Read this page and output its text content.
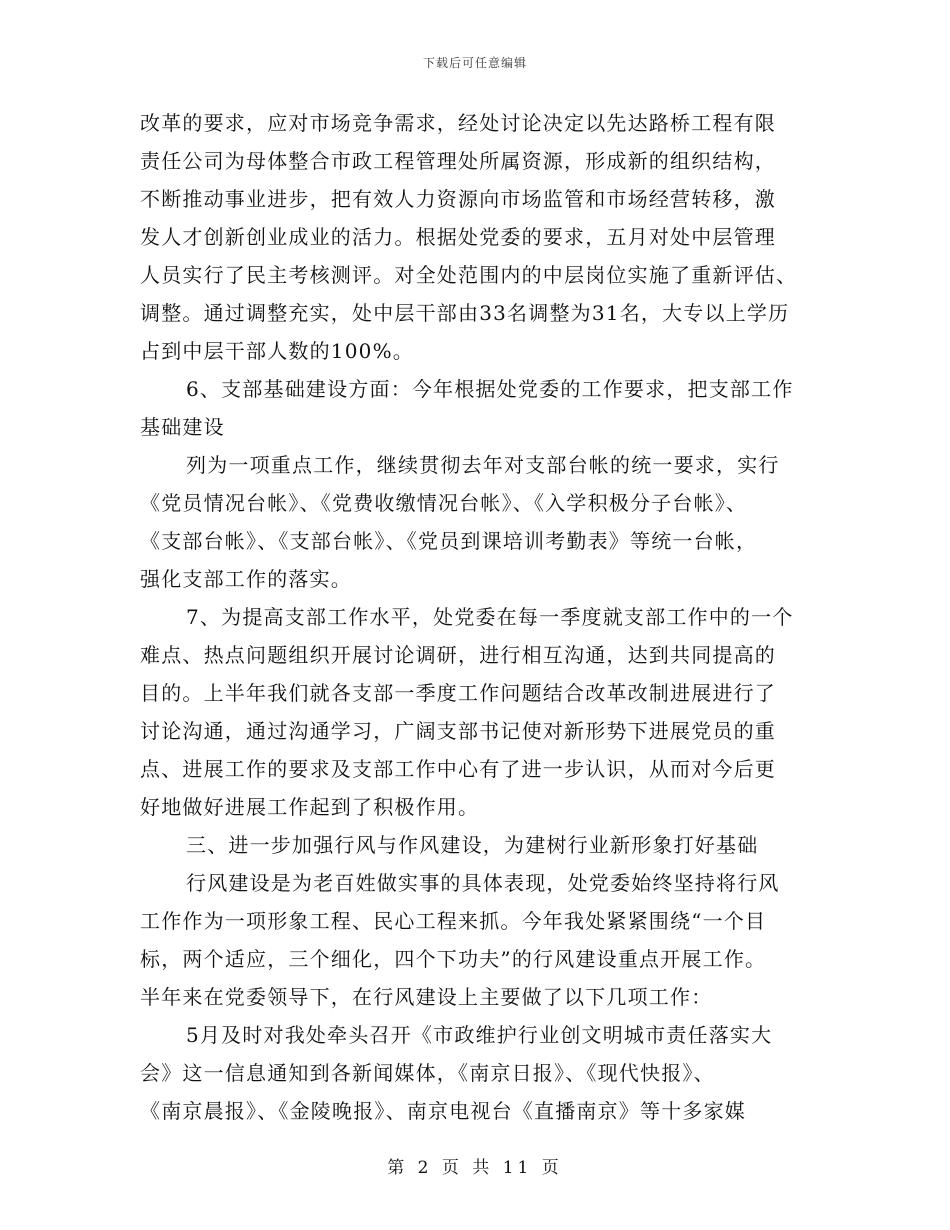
下载后可任意编辑
改革的要求，应对市场竞争需求，经处讨论决定以先达路桥工程有限
责任公司为母体整合市政工程管理处所属资源，形成新的组织结构，
不断推动事业进步，把有效人力资源向市场监管和市场经营转移，激
发人才创新创业成业的活力。根据处党委的要求，五月对处中层管理
人员实行了民主考核测评。对全处范围内的中层岗位实施了重新评估、
调整。通过调整充实，处中层干部由33名调整为31名，大专以上学历
占到中层干部人数的100%。
6、支部基础建设方面：今年根据处党委的工作要求，把支部工作
基础建设
列为一项重点工作，继续贯彻去年对支部台帐的统一要求，实行
《党员情况台帐》、《党费收缴情况台帐》、《入学积极分子台帐》、
《支部台帐》、《支部台帐》、《党员到课培训考勤表》等统一台帐，
强化支部工作的落实。
7、为提高支部工作水平，处党委在每一季度就支部工作中的一个
难点、热点问题组织开展讨论调研，进行相互沟通，达到共同提高的
目的。上半年我们就各支部一季度工作问题结合改革改制进展进行了
讨论沟通，通过沟通学习，广阔支部书记使对新形势下进展党员的重
点、进展工作的要求及支部工作中心有了进一步认识，从而对今后更
好地做好进展工作起到了积极作用。
三、进一步加强行风与作风建设，为建树行业新形象打好基础
行风建设是为老百姓做实事的具体表现，处党委始终坚持将行风
工作作为一项形象工程、民心工程来抓。今年我处紧紧围绕“一个目
标，两个适应，三个细化，四个下功夫”的行风建设重点开展工作。
半年来在党委领导下，在行风建设上主要做了以下几项工作：
5月及时对我处牵头召开《市政维护行业创文明城市责任落实大
会》这一信息通知到各新闻媒体，《南京日报》、《现代快报》、
《南京晨报》、《金陵晚报》、南京电视台《直播南京》等十多家媒
第 2 页 共 11 页
